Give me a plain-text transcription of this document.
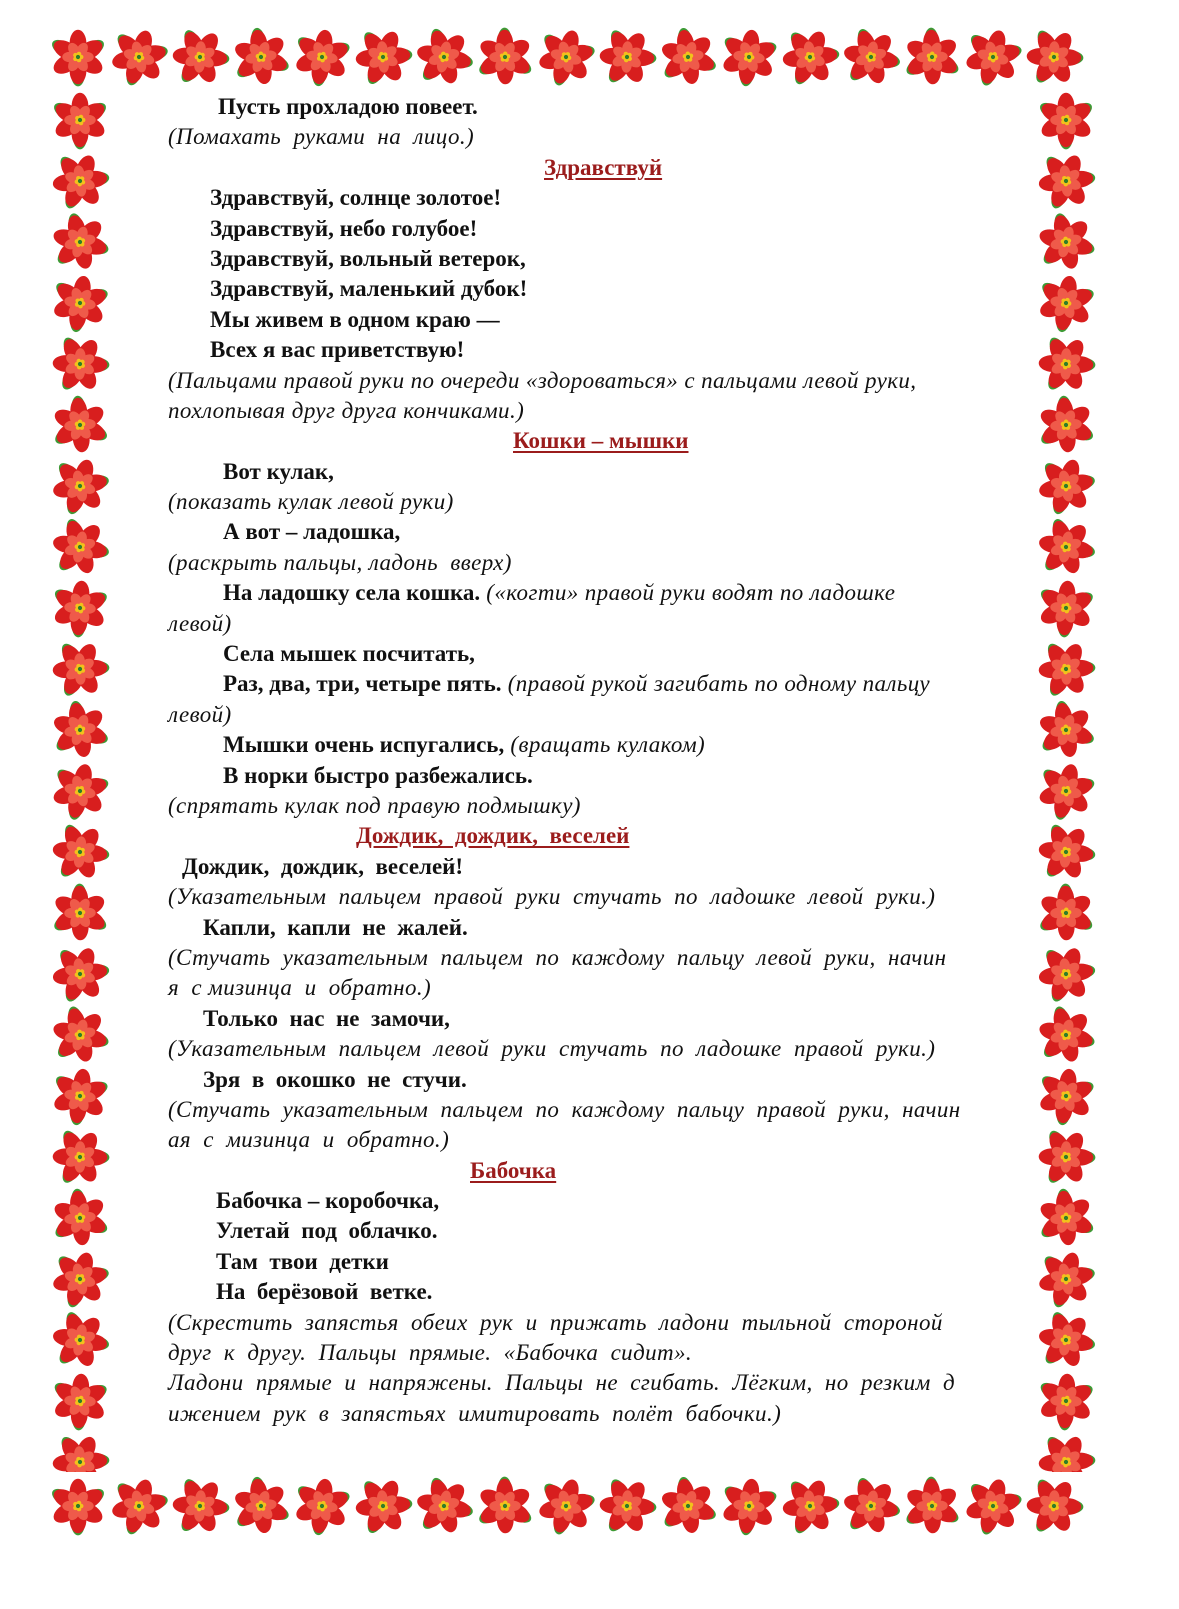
Пусть прохладою повеет.
(Помахать  руками  на  лицо.)
Здравствуй
Здравствуй, солнце золотое!
Здравствуй, небо голубое!
Здравствуй, вольный ветерок,
Здравствуй, маленький дубок!
Мы живем в одном краю —
Всех я вас приветствую!
(Пальцами правой руки по очереди «здороваться» с пальцами левой руки,
похлопывая друг друга кончиками.)
Кошки – мышки
Вот кулак,
(показать кулак левой руки)
А вот – ладошка,
(раскрыть пальцы, ладонь  вверх)
На ладошку села кошка. («когти» правой руки водят по ладошке
левой)
Села мышек посчитать,
Раз, два, три, четыре пять. (правой рукой загибать по одному пальцу
левой)
Мышки очень испугались, (вращать кулаком)
В норки быстро разбежались.
(спрятать кулак под правую подмышку)
Дождик,  дождик,  веселей
Дождик,  дождик,  веселей!
(Указательным  пальцем  правой  руки  стучать  по  ладошке  левой  руки.)
Капли,  капли  не  жалей.
(Стучать  указательным  пальцем  по  каждому  пальцу  левой  руки,  начин
я  с мизинца  и  обратно.)
Только  нас  не  замочи,
(Указательным  пальцем  левой  руки  стучать  по  ладошке  правой  руки.)
Зря  в  окошко  не  стучи.
(Стучать  указательным  пальцем  по  каждому  пальцу  правой  руки,  начин
ая  с  мизинца  и  обратно.)
Бабочка
Бабочка – коробочка,
Улетай  под  облачко.
Там  твои  детки
На  берёзовой  ветке.
(Скрестить  запястья  обеих  рук  и  прижать  ладони  тыльной  стороной
друг  к  другу.  Пальцы  прямые.  «Бабочка  сидит».
Ладони  прямые  и  напряжены.  Пальцы  не  сгибать.  Лёгким,  но  резким  д
ижением  рук  в  запястьях  имитировать  полёт  бабочки.)
